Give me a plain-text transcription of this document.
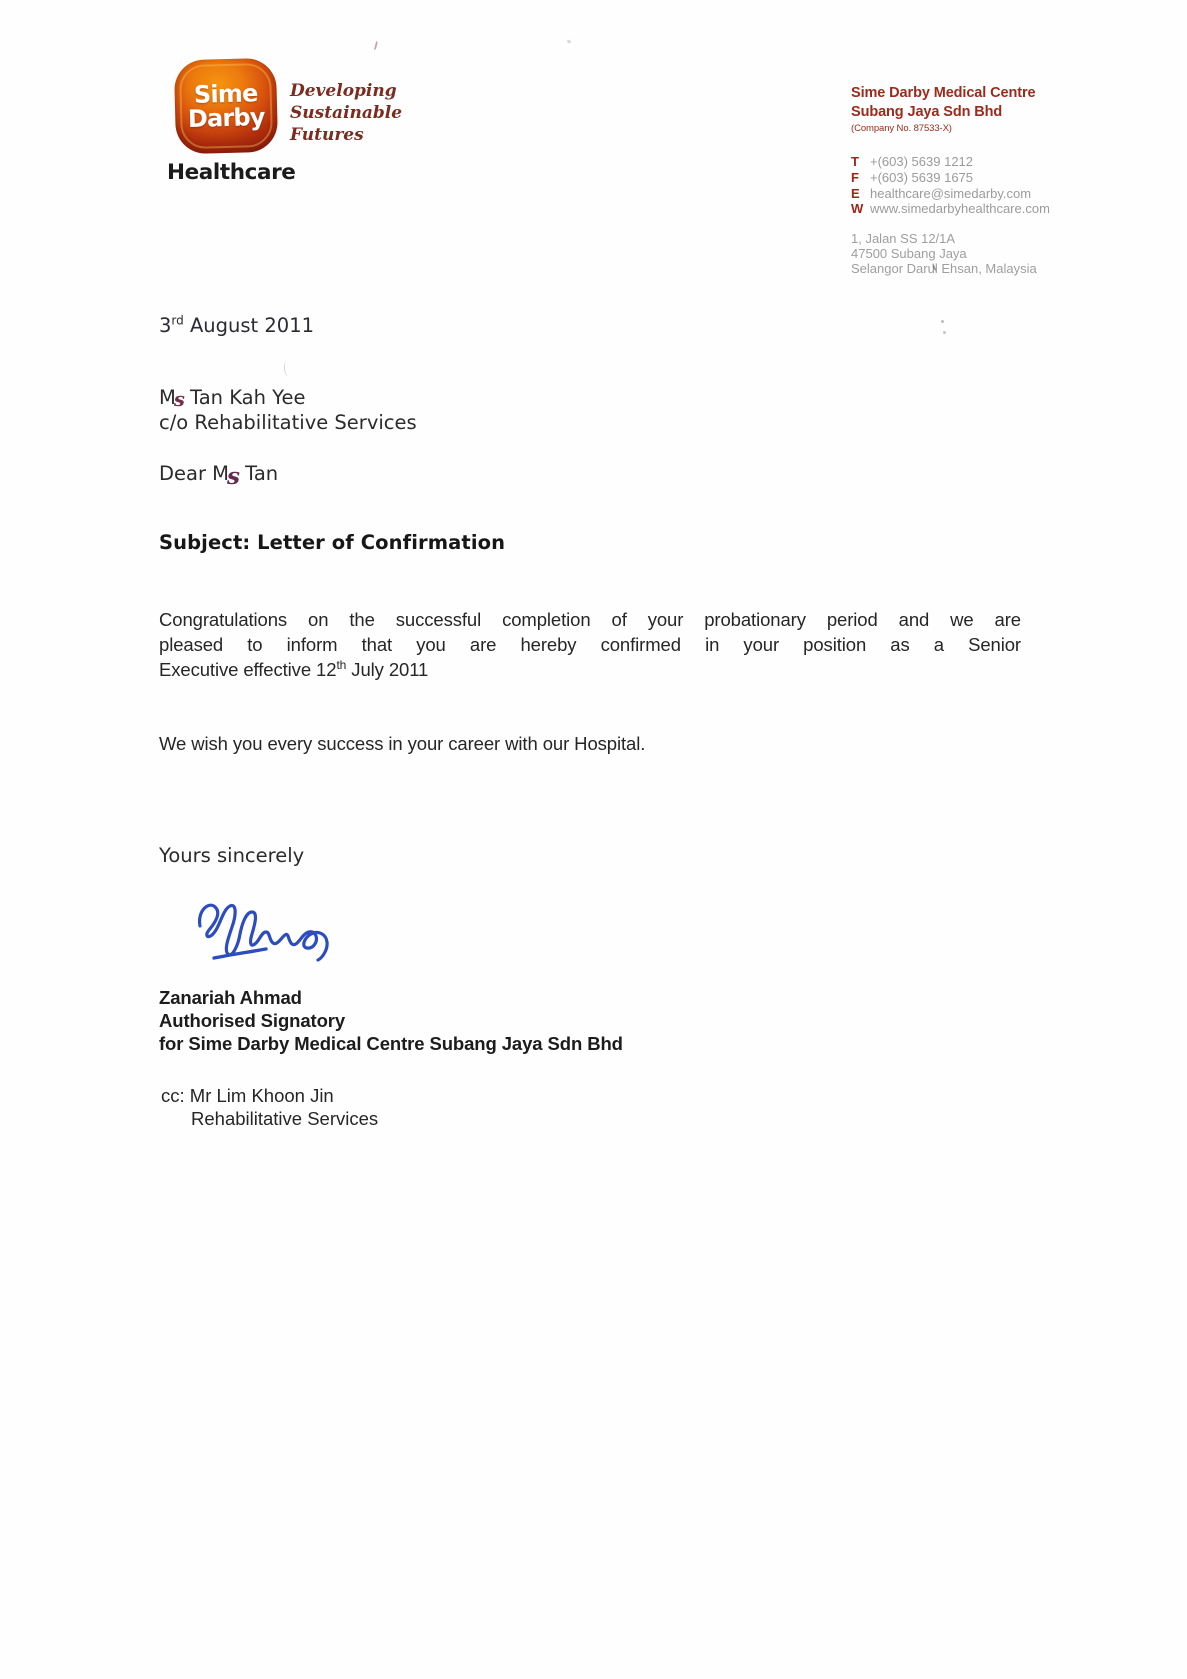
Sime
Darby
Developing
Sustainable
Futures
Healthcare
Sime Darby Medical Centre
Subang Jaya Sdn Bhd
(Company No. 87533-X)
T +(603) 5639 1212
F +(603) 5639 1675
E healthcare@simedarby.com
W www.simedarbyhealthcare.com
1, Jalan SS 12/1A
47500 Subang Jaya
Selangor Darul Ehsan, Malaysia
3rd August 2011
Ms Tan Kah Yee
c/o Rehabilitative Services
Dear Ms Tan
Subject: Letter of Confirmation
Congratulations on the successful completion of your probationary period and we are
pleased to inform that you are hereby confirmed in your position as a Senior
Executive effective 12th July 2011
We wish you every success in your career with our Hospital.
Yours sincerely
Zanariah Ahmad
Authorised Signatory
for Sime Darby Medical Centre Subang Jaya Sdn Bhd
cc: Mr Lim Khoon Jin
Rehabilitative Services
